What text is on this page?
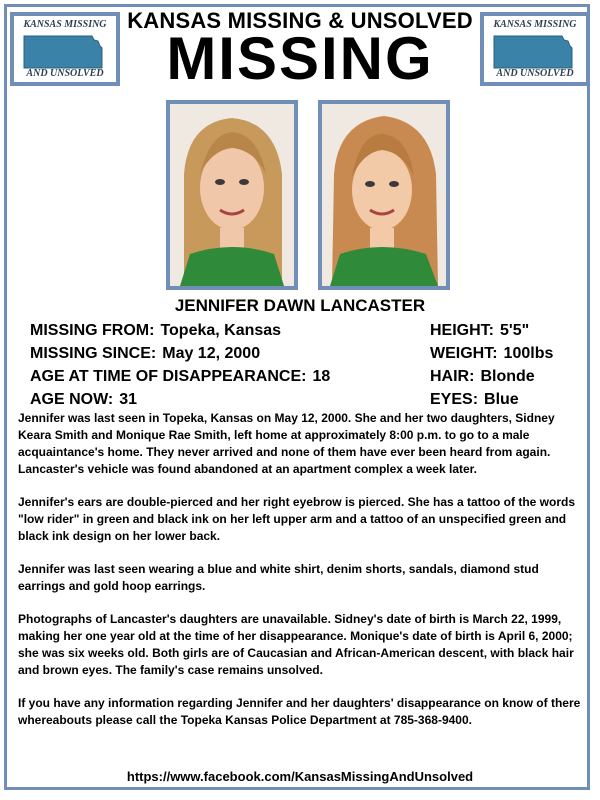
KANSAS MISSING
AND UNSOLVED
KANSAS MISSING
AND UNSOLVED
KANSAS MISSING & UNSOLVED
MISSING
JENNIFER DAWN LANCASTER
MISSING FROM: Topeka, Kansas
MISSING SINCE: May 12, 2000
AGE AT TIME OF DISAPPEARANCE: 18
AGE NOW: 31
HEIGHT: 5'5"
WEIGHT: 100lbs
HAIR: Blonde
EYES: Blue

Jennifer was last seen in Topeka, Kansas on May 12, 2000. She and her two daughters, Sidney Keara Smith and Monique Rae Smith, left home at approximately 8:00 p.m. to go to a male acquaintance's home. They never arrived and none of them have ever been heard from again. Lancaster's vehicle was found abandoned at an apartment complex a week later.

Jennifer's ears are double-pierced and her right eyebrow is pierced. She has a tattoo of the words "low rider" in green and black ink on her left upper arm and a tattoo of an unspecified green and black ink design on her lower back.

Jennifer was last seen wearing a blue and white shirt, denim shorts, sandals, diamond stud earrings and gold hoop earrings.

Photographs of Lancaster's daughters are unavailable. Sidney's date of birth is March 22, 1999, making her one year old at the time of her disappearance. Monique's date of birth is April 6, 2000; she was six weeks old. Both girls are of Caucasian and African-American descent, with black hair and brown eyes. The family's case remains unsolved.

If you have any information regarding Jennifer and her daughters' disappearance on know of there whereabouts please call the Topeka Kansas Police Department at 785-368-9400.

https://www.facebook.com/KansasMissingAndUnsolved
